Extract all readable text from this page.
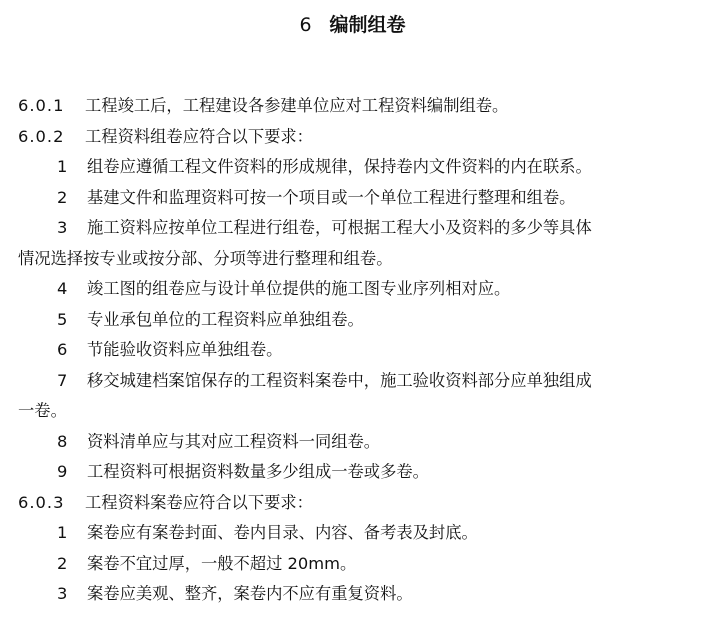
6 编制组卷
6.0.1 工程竣工后，工程建设各参建单位应对工程资料编制组卷。
6.0.2 工程资料组卷应符合以下要求：
1 组卷应遵循工程文件资料的形成规律，保持卷内文件资料的内在联系。
2 基建文件和监理资料可按一个项目或一个单位工程进行整理和组卷。
3 施工资料应按单位工程进行组卷，可根据工程大小及资料的多少等具体
情况选择按专业或按分部、分项等进行整理和组卷。
4 竣工图的组卷应与设计单位提供的施工图专业序列相对应。
5 专业承包单位的工程资料应单独组卷。
6 节能验收资料应单独组卷。
7 移交城建档案馆保存的工程资料案卷中，施工验收资料部分应单独组成
一卷。
8 资料清单应与其对应工程资料一同组卷。
9 工程资料可根据资料数量多少组成一卷或多卷。
6.0.3 工程资料案卷应符合以下要求：
1 案卷应有案卷封面、卷内目录、内容、备考表及封底。
2 案卷不宜过厚，一般不超过 20mm。
3 案卷应美观、整齐，案卷内不应有重复资料。
